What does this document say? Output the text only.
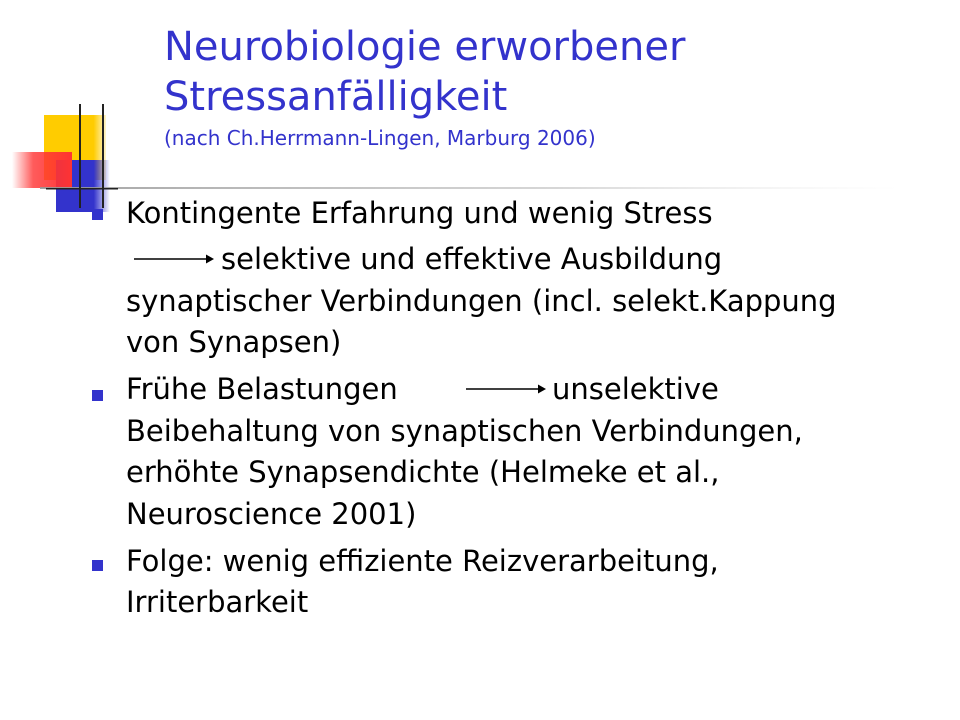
Neurobiologie erworbener
Stressanfälligkeit
(nach Ch.Herrmann-Lingen, Marburg 2006)
Kontingente Erfahrung und wenig Stress
selektive und effektive Ausbildung
synaptischer Verbindungen (incl. selekt.Kappung
von Synapsen)
Frühe Belastungen	unselektive
Beibehaltung von synaptischen Verbindungen,
erhöhte Synapsendichte (Helmeke et al.,
Neuroscience 2001)
Folge: wenig effiziente Reizverarbeitung,
Irriterbarkeit
